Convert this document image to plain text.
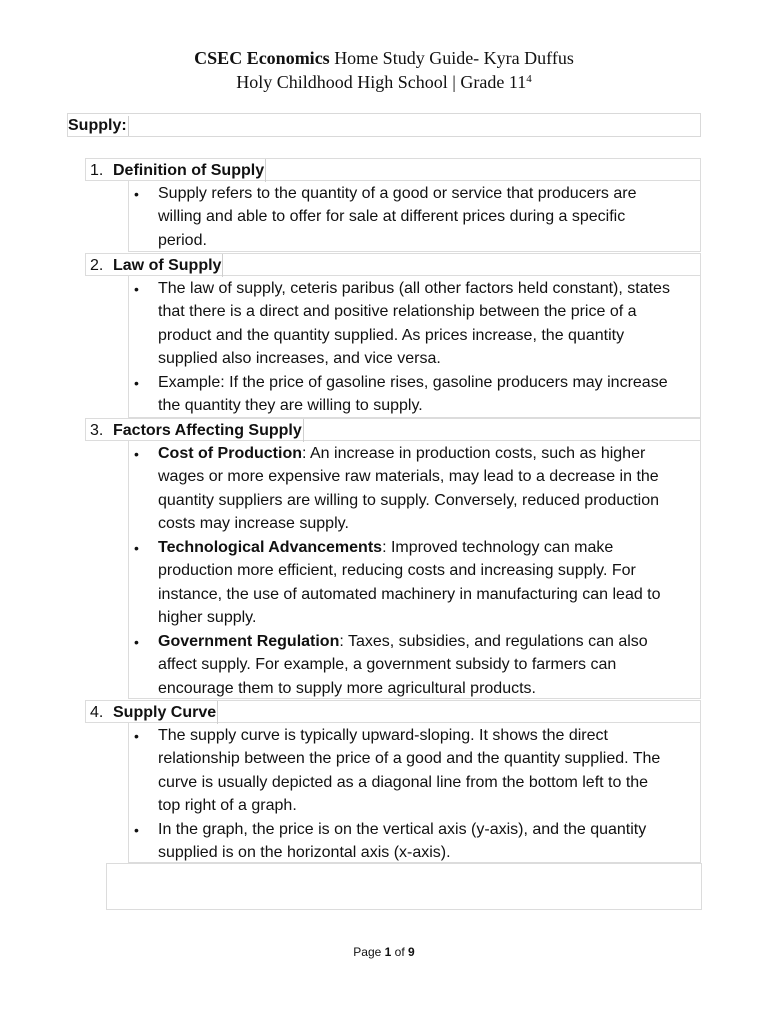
CSEC Economics Home Study Guide- Kyra Duffus
Holy Childhood High School | Grade $11^4$
Supply:
1. Definition of Supply
•	Supply refers to the quantity of a good or service that producers are
willing and able to offer for sale at different prices during a specific
period.
2. Law of Supply
•	The law of supply, ceteris paribus (all other factors held constant), states
that there is a direct and positive relationship between the price of a
product and the quantity supplied. As prices increase, the quantity
supplied also increases, and vice versa.
•	Example: If the price of gasoline rises, gasoline producers may increase
the quantity they are willing to supply.
3. Factors Affecting Supply
•	Cost of Production: An increase in production costs, such as higher
wages or more expensive raw materials, may lead to a decrease in the
quantity suppliers are willing to supply. Conversely, reduced production
costs may increase supply.
•	Technological Advancements: Improved technology can make
production more efficient, reducing costs and increasing supply. For
instance, the use of automated machinery in manufacturing can lead to
higher supply.
•	Government Regulation: Taxes, subsidies, and regulations can also
affect supply. For example, a government subsidy to farmers can
encourage them to supply more agricultural products.
4. Supply Curve
•	The supply curve is typically upward-sloping. It shows the direct
relationship between the price of a good and the quantity supplied. The
curve is usually depicted as a diagonal line from the bottom left to the
top right of a graph.
•	In the graph, the price is on the vertical axis (y-axis), and the quantity
supplied is on the horizontal axis (x-axis).
Page 1 of 9
